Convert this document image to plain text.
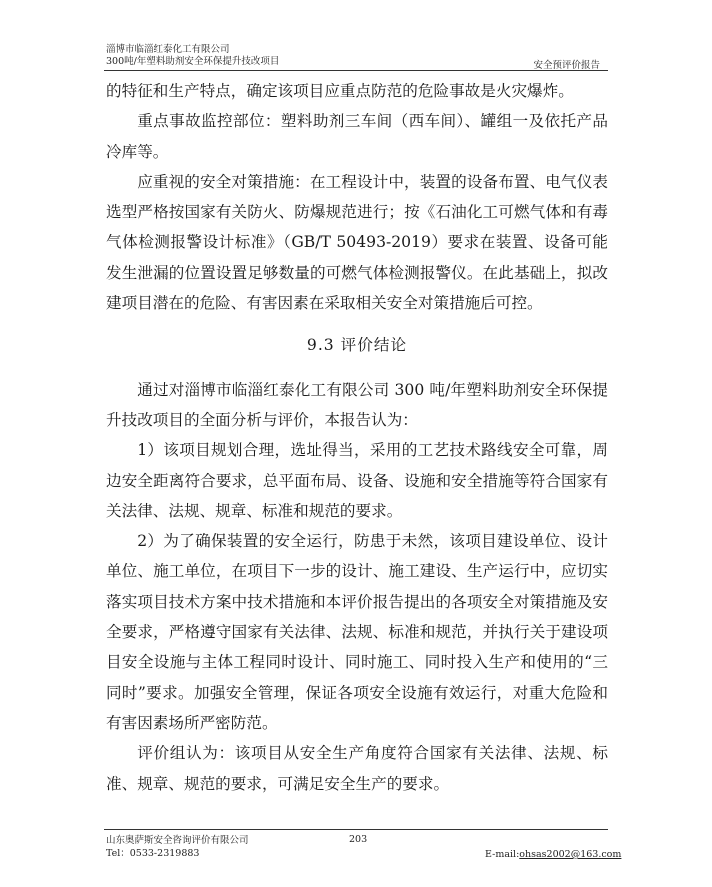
淄博市临淄红泰化工有限公司
300吨/年塑料助剂安全环保提升技改项目	安全预评价报告

的特征和生产特点，确定该项目应重点防范的危险事故是火灾爆炸。

重点事故监控部位：塑料助剂三车间（西车间）、罐组一及依托产品冷库等。

应重视的安全对策措施：在工程设计中，装置的设备布置、电气仪表选型严格按国家有关防火、防爆规范进行；按《石油化工可燃气体和有毒气体检测报警设计标准》（GB/T 50493-2019）要求在装置、设备可能发生泄漏的位置设置足够数量的可燃气体检测报警仪。在此基础上，拟改建项目潜在的危险、有害因素在采取相关安全对策措施后可控。

9.3 评价结论

通过对淄博市临淄红泰化工有限公司 300 吨/年塑料助剂安全环保提升技改项目的全面分析与评价，本报告认为：

1）该项目规划合理，选址得当，采用的工艺技术路线安全可靠，周边安全距离符合要求，总平面布局、设备、设施和安全措施等符合国家有关法律、法规、规章、标准和规范的要求。

2）为了确保装置的安全运行，防患于未然，该项目建设单位、设计单位、施工单位，在项目下一步的设计、施工建设、生产运行中，应切实落实项目技术方案中技术措施和本评价报告提出的各项安全对策措施及安全要求，严格遵守国家有关法律、法规、标准和规范，并执行关于建设项目安全设施与主体工程同时设计、同时施工、同时投入生产和使用的“三同时”要求。加强安全管理，保证各项安全设施有效运行，对重大危险和有害因素场所严密防范。

评价组认为：该项目从安全生产角度符合国家有关法律、法规、标准、规章、规范的要求，可满足安全生产的要求。

山东奥萨斯安全咨询评价有限公司
Tel：0533-2319883
203
E-mail:ohsas2002@163.com
